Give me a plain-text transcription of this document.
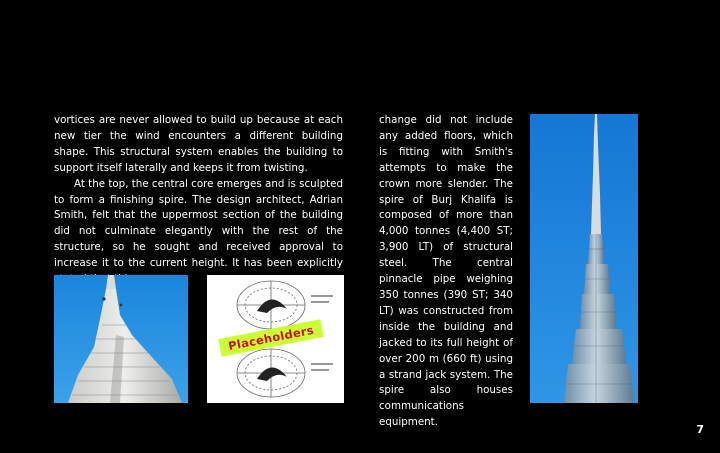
vortices are never allowed to build up because at each new tier the wind encounters a different building shape. This structural system enables the building to support itself laterally and keeps it from twisting.

At the top, the central core emerges and is sculpted to form a finishing spire. The design architect, Adrian Smith, felt that the uppermost section of the building did not culminate elegantly with the rest of the structure, so he sought and received approval to increase it to the current height. It has been explicitly

change did not include any added floors, which is fitting with Smith's attempts to make the crown more slender. The spire of Burj Khalifa is composed of more than 4,000 tonnes (4,400 ST; 3,900 LT) of structural steel. The central pinnacle pipe weighing 350 tonnes (390 ST; 340 LT) was constructed from inside the building and jacked to its full height of over 200 m (660 ft) using a strand jack system. The spire also houses communications equipment.

Placeholders
7
